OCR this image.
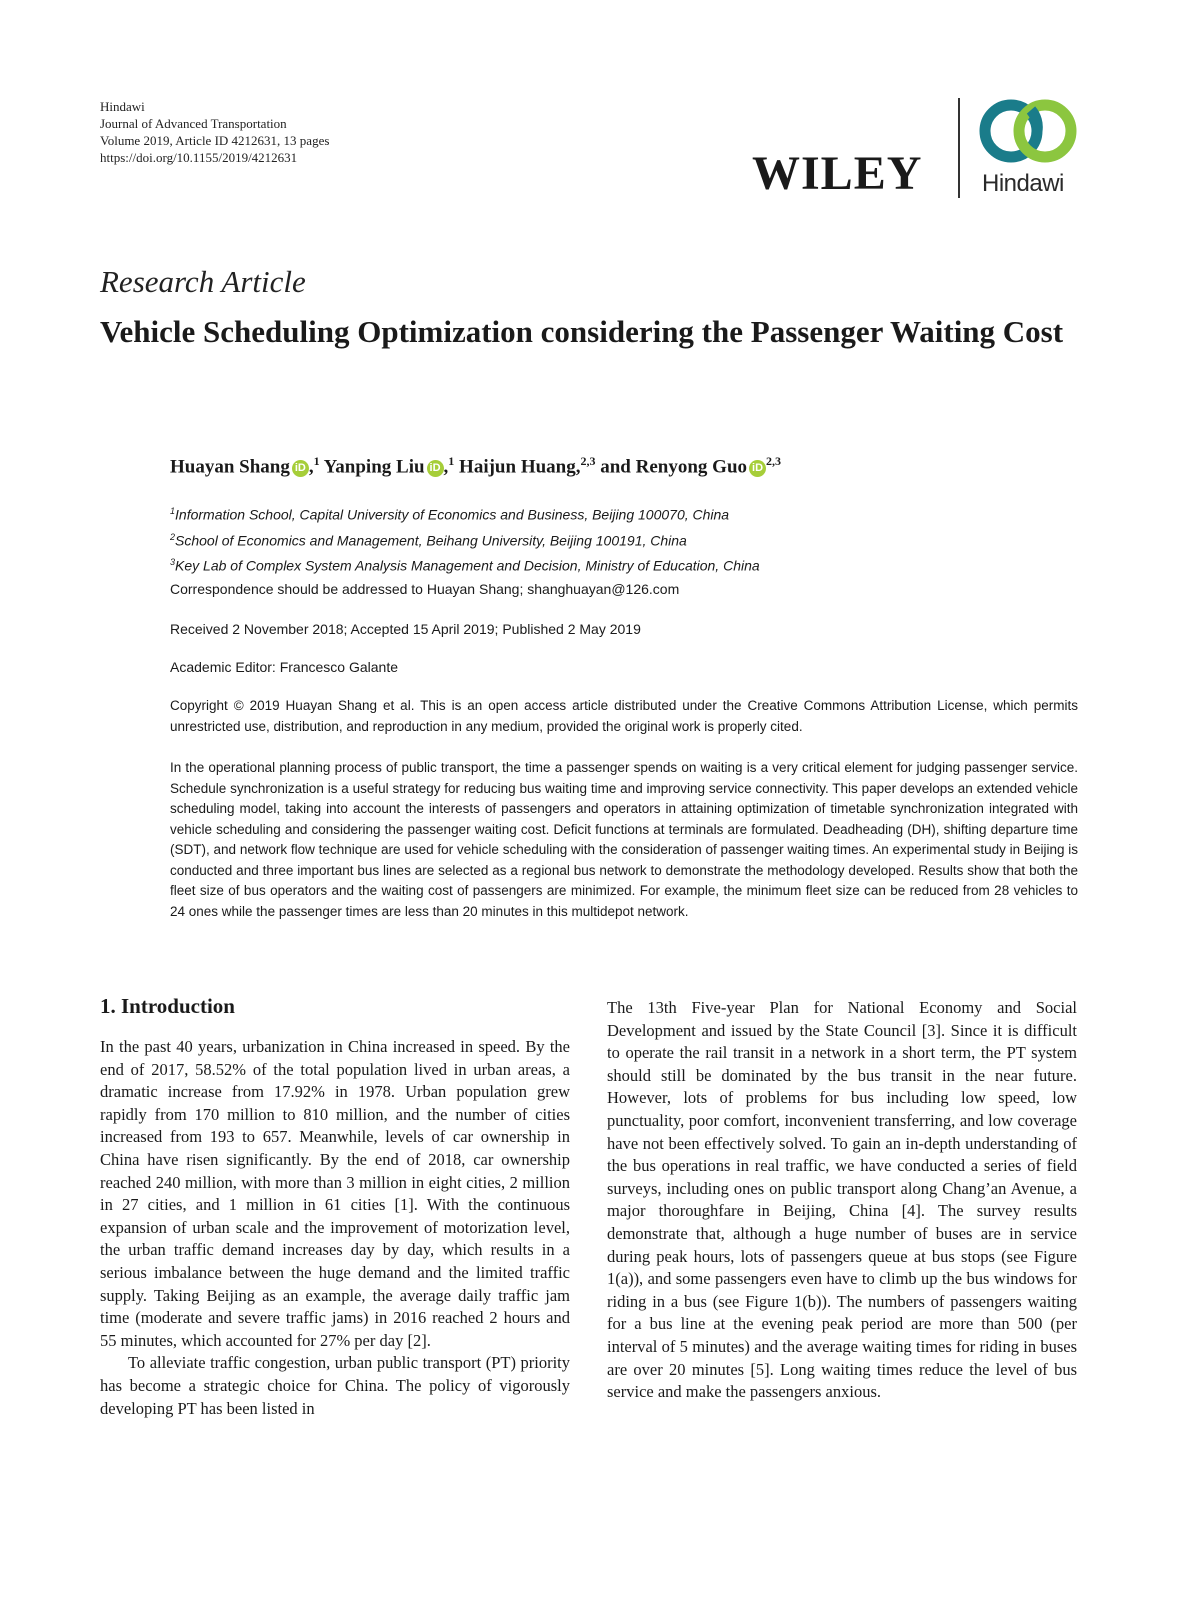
Hindawi
Journal of Advanced Transportation
Volume 2019, Article ID 4212631, 13 pages
https://doi.org/10.1155/2019/4212631	WILEY Hindawi
Research Article
Vehicle Scheduling Optimization considering the Passenger Waiting Cost
Huayan Shang iD ,$^1$ Yanping Liu iD ,$^1$ Haijun Huang,$^{2,3}$ and Renyong Guo iD$^{2,3}$
$^1$Information School, Capital University of Economics and Business, Beijing 100070, China
$^2$School of Economics and Management, Beihang University, Beijing 100191, China
$^3$Key Lab of Complex System Analysis Management and Decision, Ministry of Education, China
Correspondence should be addressed to Huayan Shang; shanghuayan@126.com
Received 2 November 2018; Accepted 15 April 2019; Published 2 May 2019
Academic Editor: Francesco Galante
Copyright © 2019 Huayan Shang et al. This is an open access article distributed under the Creative Commons Attribution License, which permits unrestricted use, distribution, and reproduction in any medium, provided the original work is properly cited.
In the operational planning process of public transport, the time a passenger spends on waiting is a very critical element for judging passenger service. Schedule synchronization is a useful strategy for reducing bus waiting time and improving service connectivity. This paper develops an extended vehicle scheduling model, taking into account the interests of passengers and operators in attaining optimization of timetable synchronization integrated with vehicle scheduling and considering the passenger waiting cost. Deficit functions at terminals are formulated. Deadheading (DH), shifting departure time (SDT), and network flow technique are used for vehicle scheduling with the consideration of passenger waiting times. An experimental study in Beijing is conducted and three important bus lines are selected as a regional bus network to demonstrate the methodology developed. Results show that both the fleet size of bus operators and the waiting cost of passengers are minimized. For example, the minimum fleet size can be reduced from 28 vehicles to 24 ones while the passenger times are less than 20 minutes in this multidepot network.
1. Introduction

In the past 40 years, urbanization in China increased in speed. By the end of 2017, 58.52% of the total population lived in urban areas, a dramatic increase from 17.92% in 1978. Urban population grew rapidly from 170 million to 810 million, and the number of cities increased from 193 to 657. Meanwhile, levels of car ownership in China have risen significantly. By the end of 2018, car ownership reached 240 million, with more than 3 million in eight cities, 2 million in 27 cities, and 1 million in 61 cities [1]. With the continuous expansion of urban scale and the improvement of motorization level, the urban traffic demand increases day by day, which results in a serious imbalance between the huge demand and the limited traffic supply. Taking Beijing as an example, the average daily traffic jam time (moderate and severe traffic jams) in 2016 reached 2 hours and 55 minutes, which accounted for 27% per day [2].

To alleviate traffic congestion, urban public transport (PT) priority has become a strategic choice for China. The policy of vigorously developing PT has been listed in

The 13th Five-year Plan for National Economy and Social Development and issued by the State Council [3]. Since it is difficult to operate the rail transit in a network in a short term, the PT system should still be dominated by the bus transit in the near future. However, lots of problems for bus including low speed, low punctuality, poor comfort, inconvenient transferring, and low coverage have not been effectively solved. To gain an in-depth understanding of the bus operations in real traffic, we have conducted a series of field surveys, including ones on public transport along Chang’an Avenue, a major thoroughfare in Beijing, China [4]. The survey results demonstrate that, although a huge number of buses are in service during peak hours, lots of passengers queue at bus stops (see Figure 1(a)), and some passengers even have to climb up the bus windows for riding in a bus (see Figure 1(b)). The numbers of passengers waiting for a bus line at the evening peak period are more than 500 (per interval of 5 minutes) and the average waiting times for riding in buses are over 20 minutes [5]. Long waiting times reduce the level of bus service and make the passengers anxious.
